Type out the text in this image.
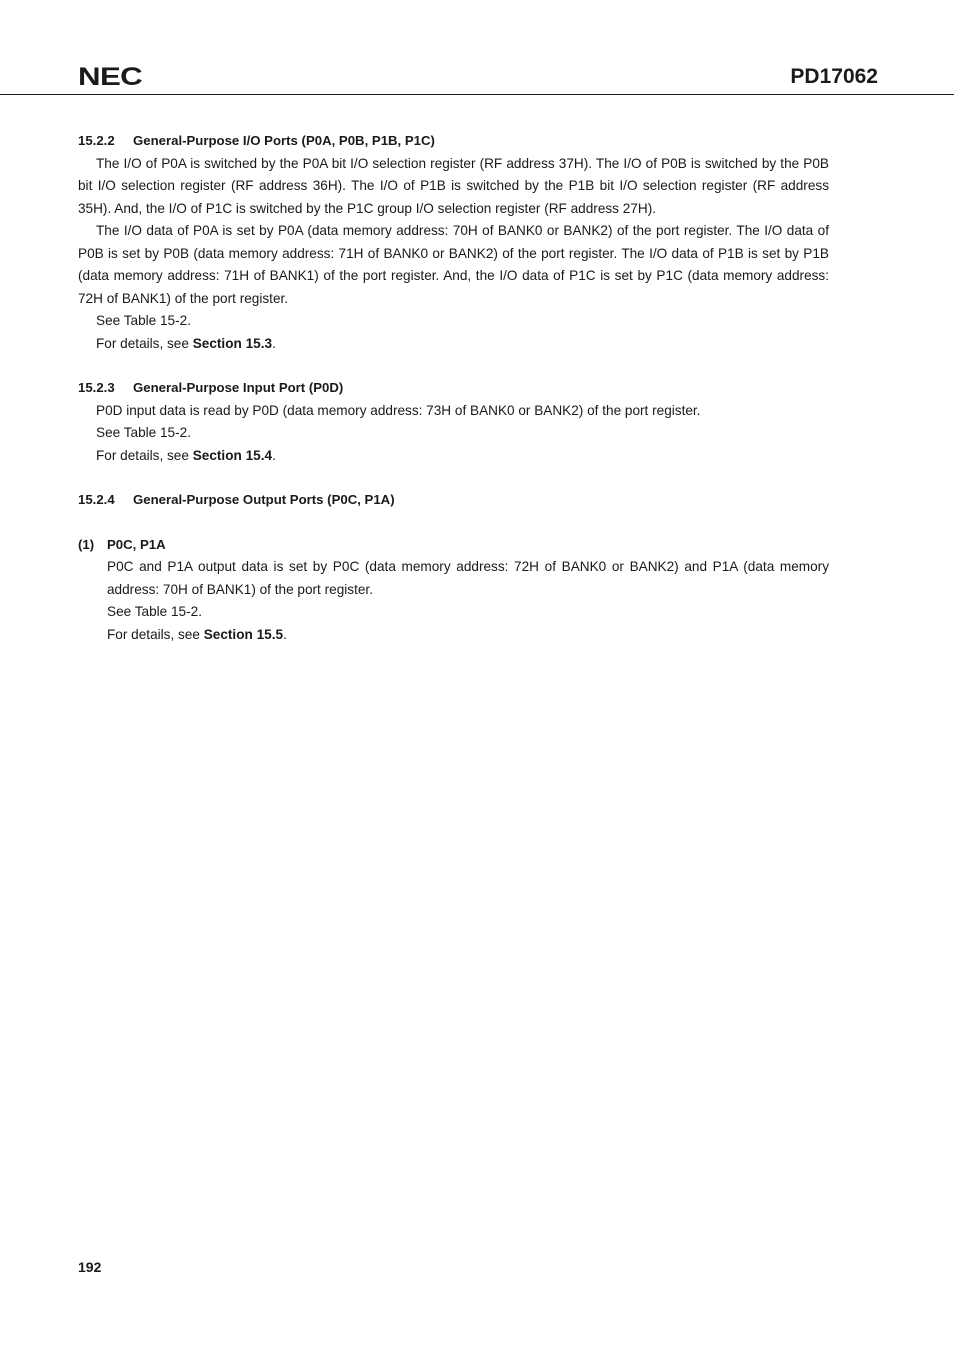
NEC	PD17062

15.2.2 General-Purpose I/O Ports (P0A, P0B, P1B, P1C)

The I/O of P0A is switched by the P0A bit I/O selection register (RF address 37H). The I/O of P0B is switched by the P0B bit I/O selection register (RF address 36H). The I/O of P1B is switched by the P1B bit I/O selection register (RF address 35H). And, the I/O of P1C is switched by the P1C group I/O selection register (RF address 27H).

The I/O data of P0A is set by P0A (data memory address: 70H of BANK0 or BANK2) of the port register. The I/O data of P0B is set by P0B (data memory address: 71H of BANK0 or BANK2) of the port register. The I/O data of P1B is set by P1B (data memory address: 71H of BANK1) of the port register. And, the I/O data of P1C is set by P1C (data memory address: 72H of BANK1) of the port register.

See Table 15-2.

For details, see Section 15.3.

15.2.3 General-Purpose Input Port (P0D)

P0D input data is read by P0D (data memory address: 73H of BANK0 or BANK2) of the port register.

See Table 15-2.

For details, see Section 15.4.

15.2.4 General-Purpose Output Ports (P0C, P1A)

(1) P0C, P1A

P0C and P1A output data is set by P0C (data memory address: 72H of BANK0 or BANK2) and P1A (data memory address: 70H of BANK1) of the port register.

See Table 15-2.

For details, see Section 15.5.

192
